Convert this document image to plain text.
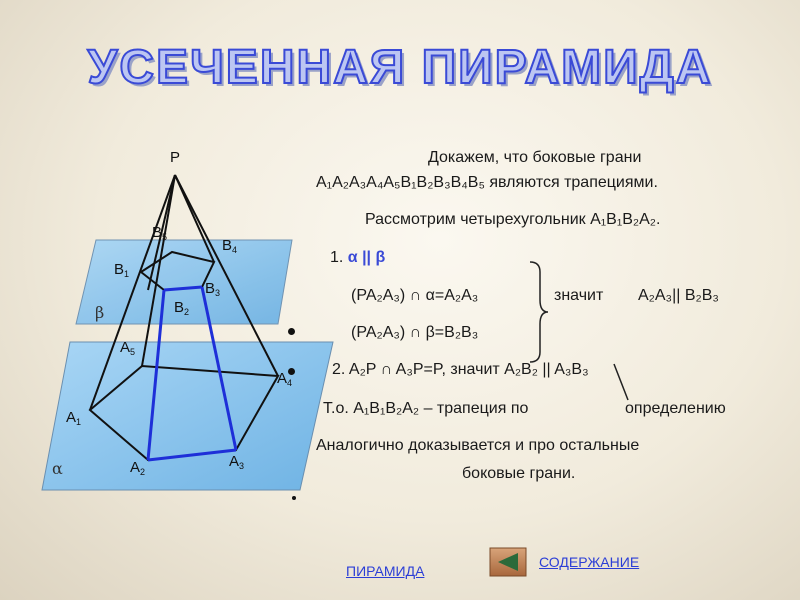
УСЕЧЕННАЯ ПИРАМИДА
P
$B_5$	$B_4$
$B_1$
$B_3$
$B_2$
$A_5$
$A_4$
$A_1$
$A_2$
$A_3$
β
α
Докажем, что боковые грани
A₁A₂A₃A₄A₅B₁B₂B₃B₄B₅ являются трапециями.
Рассмотрим четырехугольник A₁B₁B₂A₂.
1. α || β
(PA₂A₃) ∩ α=A₂A₃	значит A₂A₃|| B₂B₃
(PA₂A₃) ∩ β=B₂B₃
2. A₂P ∩ A₃P=P, значит A₂B₂ || A₃B₃
Т.о. A₁B₁B₂A₂ – трапеция по	определению
Аналогично доказывается и про остальные
боковые грани.
ПИРАМИДА
СОДЕРЖАНИЕ
